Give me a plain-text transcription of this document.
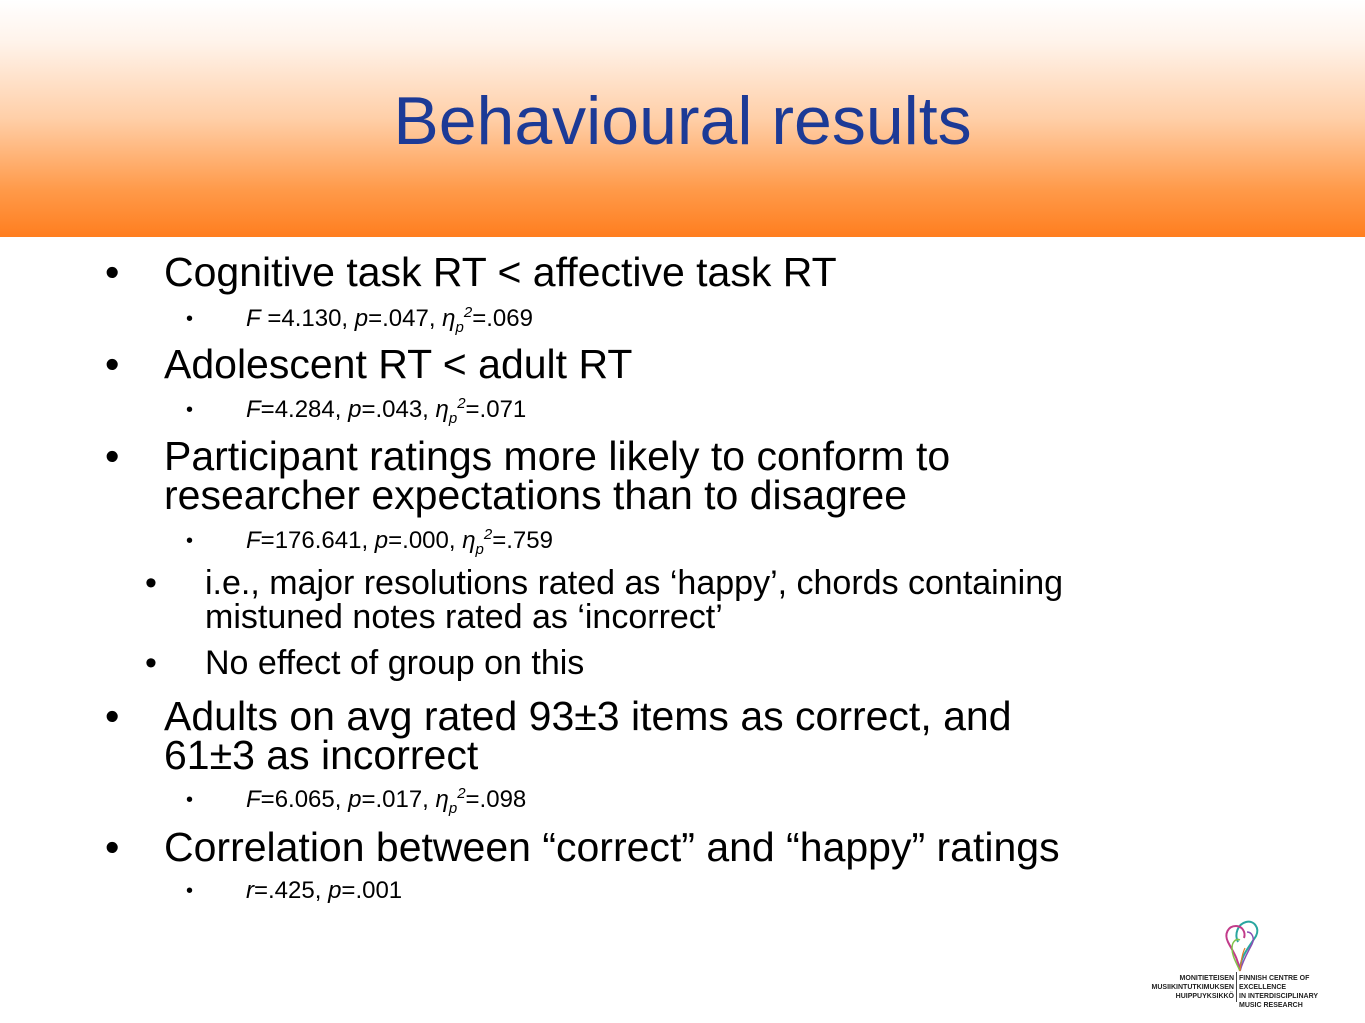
Behavioural results
• Cognitive task RT < affective task RT
• F =4.130, p=.047, $\eta_p^2=.069$
• Adolescent RT < adult RT
• F=4.284, p=.043, $\eta_p^2=.071$
• Participant ratings more likely to conform to
researcher expectations than to disagree
• F=176.641, p=.000, $\eta_p^2=.759$
• i.e., major resolutions rated as ‘happy’, chords containing
mistuned notes rated as ‘incorrect’
• No effect of group on this
• Adults on avg rated 93±3 items as correct, and
61±3 as incorrect
• F=6.065, p=.017, $\eta_p^2=.098$
• Correlation between “correct” and “happy” ratings
• r=.425, p=.001
MONITIETEISEN
MUSIIKINTUTKIMUKSEN
HUIPPUYKSIKKÖ
FINNISH CENTRE OF EXCELLENCE
IN INTERDISCIPLINARY
MUSIC RESEARCH
